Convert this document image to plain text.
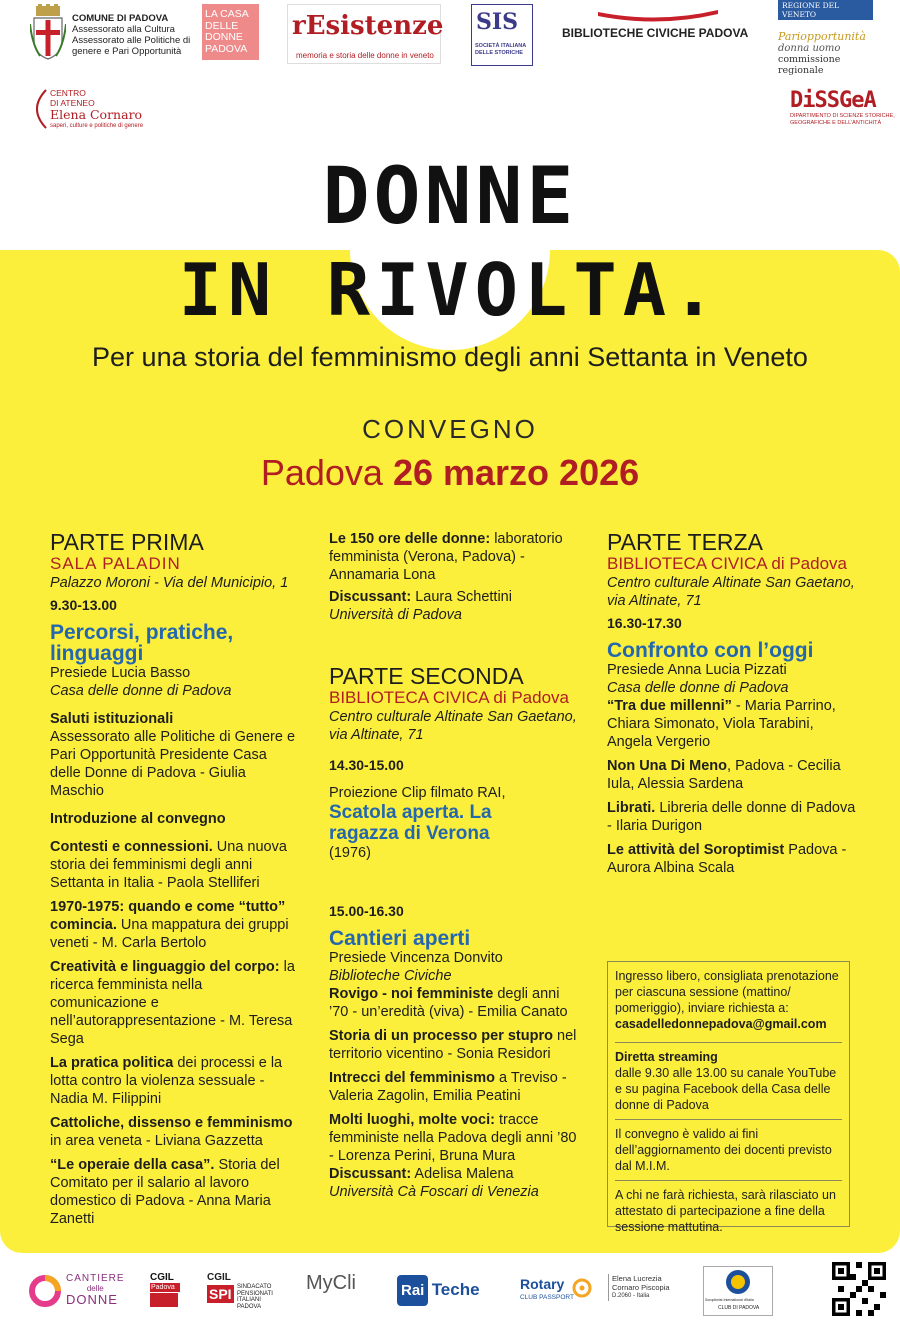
COMUNE DI PADOVA
Assessorato alla Cultura
Assessorato alle Politiche di
genere e Pari Opportunità
LA CASA
DELLE
DONNE
PADOVA
rEsistenze
memoria e storia delle donne in veneto
SIS
SOCIETÀ ITALIANA
DELLE STORICHE
BIBLIOTECHE CIVICHE PADOVA
REGIONE DEL VENETO
Pariopportunità
donna uomo
commissione regionale
CENTRO
DI ATENEO
Elena Cornaro
saperi, culture e politiche di genere
DiSSGeA
DIPARTIMENTO DI SCIENZE STORICHE,
GEOGRAFICHE E DELL'ANTICHITÀ
DONNE
IN RIVOLTA.
Per una storia del femminismo degli anni Settanta in Veneto
CONVEGNO
Padova 26 marzo 2026

PARTE PRIMA

SALA PALADIN

Palazzo Moroni - Via del Municipio, 1

9.30-13.00

Percorsi, pratiche, linguaggi

Presiede Lucia Basso

Casa delle donne di Padova

Saluti istituzionali

Assessorato alle Politiche di Genere e Pari Opportunità Presidente Casa delle Donne di Padova - Giulia Maschio

Introduzione al convegno

Contesti e connessioni. Una nuova storia dei femminismi degli anni Settanta in Italia - Paola Stelliferi

1970-1975: quando e come “tutto” comincia. Una mappatura dei gruppi veneti - M. Carla Bertolo

Creatività e linguaggio del corpo: la ricerca femminista nella comunicazione e nell’autorappresentazione - M. Teresa Sega

La pratica politica dei processi e la lotta contro la violenza sessuale - Nadia M. Filippini

Cattoliche, dissenso e femminismo in area veneta - Liviana Gazzetta

“Le operaie della casa”. Storia del Comitato per il salario al lavoro domestico di Padova - Anna Maria Zanetti

Le 150 ore delle donne: laboratorio femminista (Verona, Padova) - Annamaria Lona

Discussant: Laura Schettini

Università di Padova

PARTE SECONDA

BIBLIOTECA CIVICA di Padova

Centro culturale Altinate San Gaetano, via Altinate, 71

14.30-15.00

Proiezione Clip filmato RAI,

Scatola aperta. La ragazza di Verona

(1976)

15.00-16.30

Cantieri aperti

Presiede Vincenza Donvito

Biblioteche Civiche

Rovigo - noi femministe degli anni ’70 - un’eredità (viva) - Emilia Canato

Storia di un processo per stupro nel territorio vicentino - Sonia Residori

Intrecci del femminismo a Treviso - Valeria Zagolin, Emilia Peatini

Molti luoghi, molte voci: tracce femministe nella Padova degli anni ’80 - Lorenza Perini, Bruna Mura

Discussant: Adelisa Malena

Università Cà Foscari di Venezia

PARTE TERZA

BIBLIOTECA CIVICA di Padova

Centro culturale Altinate San Gaetano, via Altinate, 71

16.30-17.30

Confronto con l’oggi

Presiede Anna Lucia Pizzati

Casa delle donne di Padova

“Tra due millenni” - Maria Parrino, Chiara Simonato, Viola Tarabini, Angela Vergerio

Non Una Di Meno, Padova - Cecilia Iula, Alessia Sardena

Librati. Libreria delle donne di Padova - Ilaria Durigon

Le attività del Soroptimist Padova - Aurora Albina Scala

Ingresso libero, consigliata prenotazione per ciascuna sessione (mattino/ pomeriggio), inviare richiesta a:

casadelledonnepadova@gmail.com

Diretta streaming

dalle 9.30 alle 13.00 su canale YouTube e su pagina Facebook della Casa delle donne di Padova

Il convegno è valido ai fini dell’aggiornamento dei docenti previsto dal M.I.M.

A chi ne farà richiesta, sarà rilasciato un attestato di partecipazione a fine della sessione mattutina.

CANTIERE
delle
DONNE
CGIL
Padova
CGIL
SPI SINDACATO
PENSIONATI
ITALIANI
PADOVA
MyCli	Rai Teche	Rotary
CLUB PASSPORT
Elena Lucrezia
Cornaro Piscopia
D.2060 - Italia
Soroptimist International d'Italia
CLUB DI PADOVA
